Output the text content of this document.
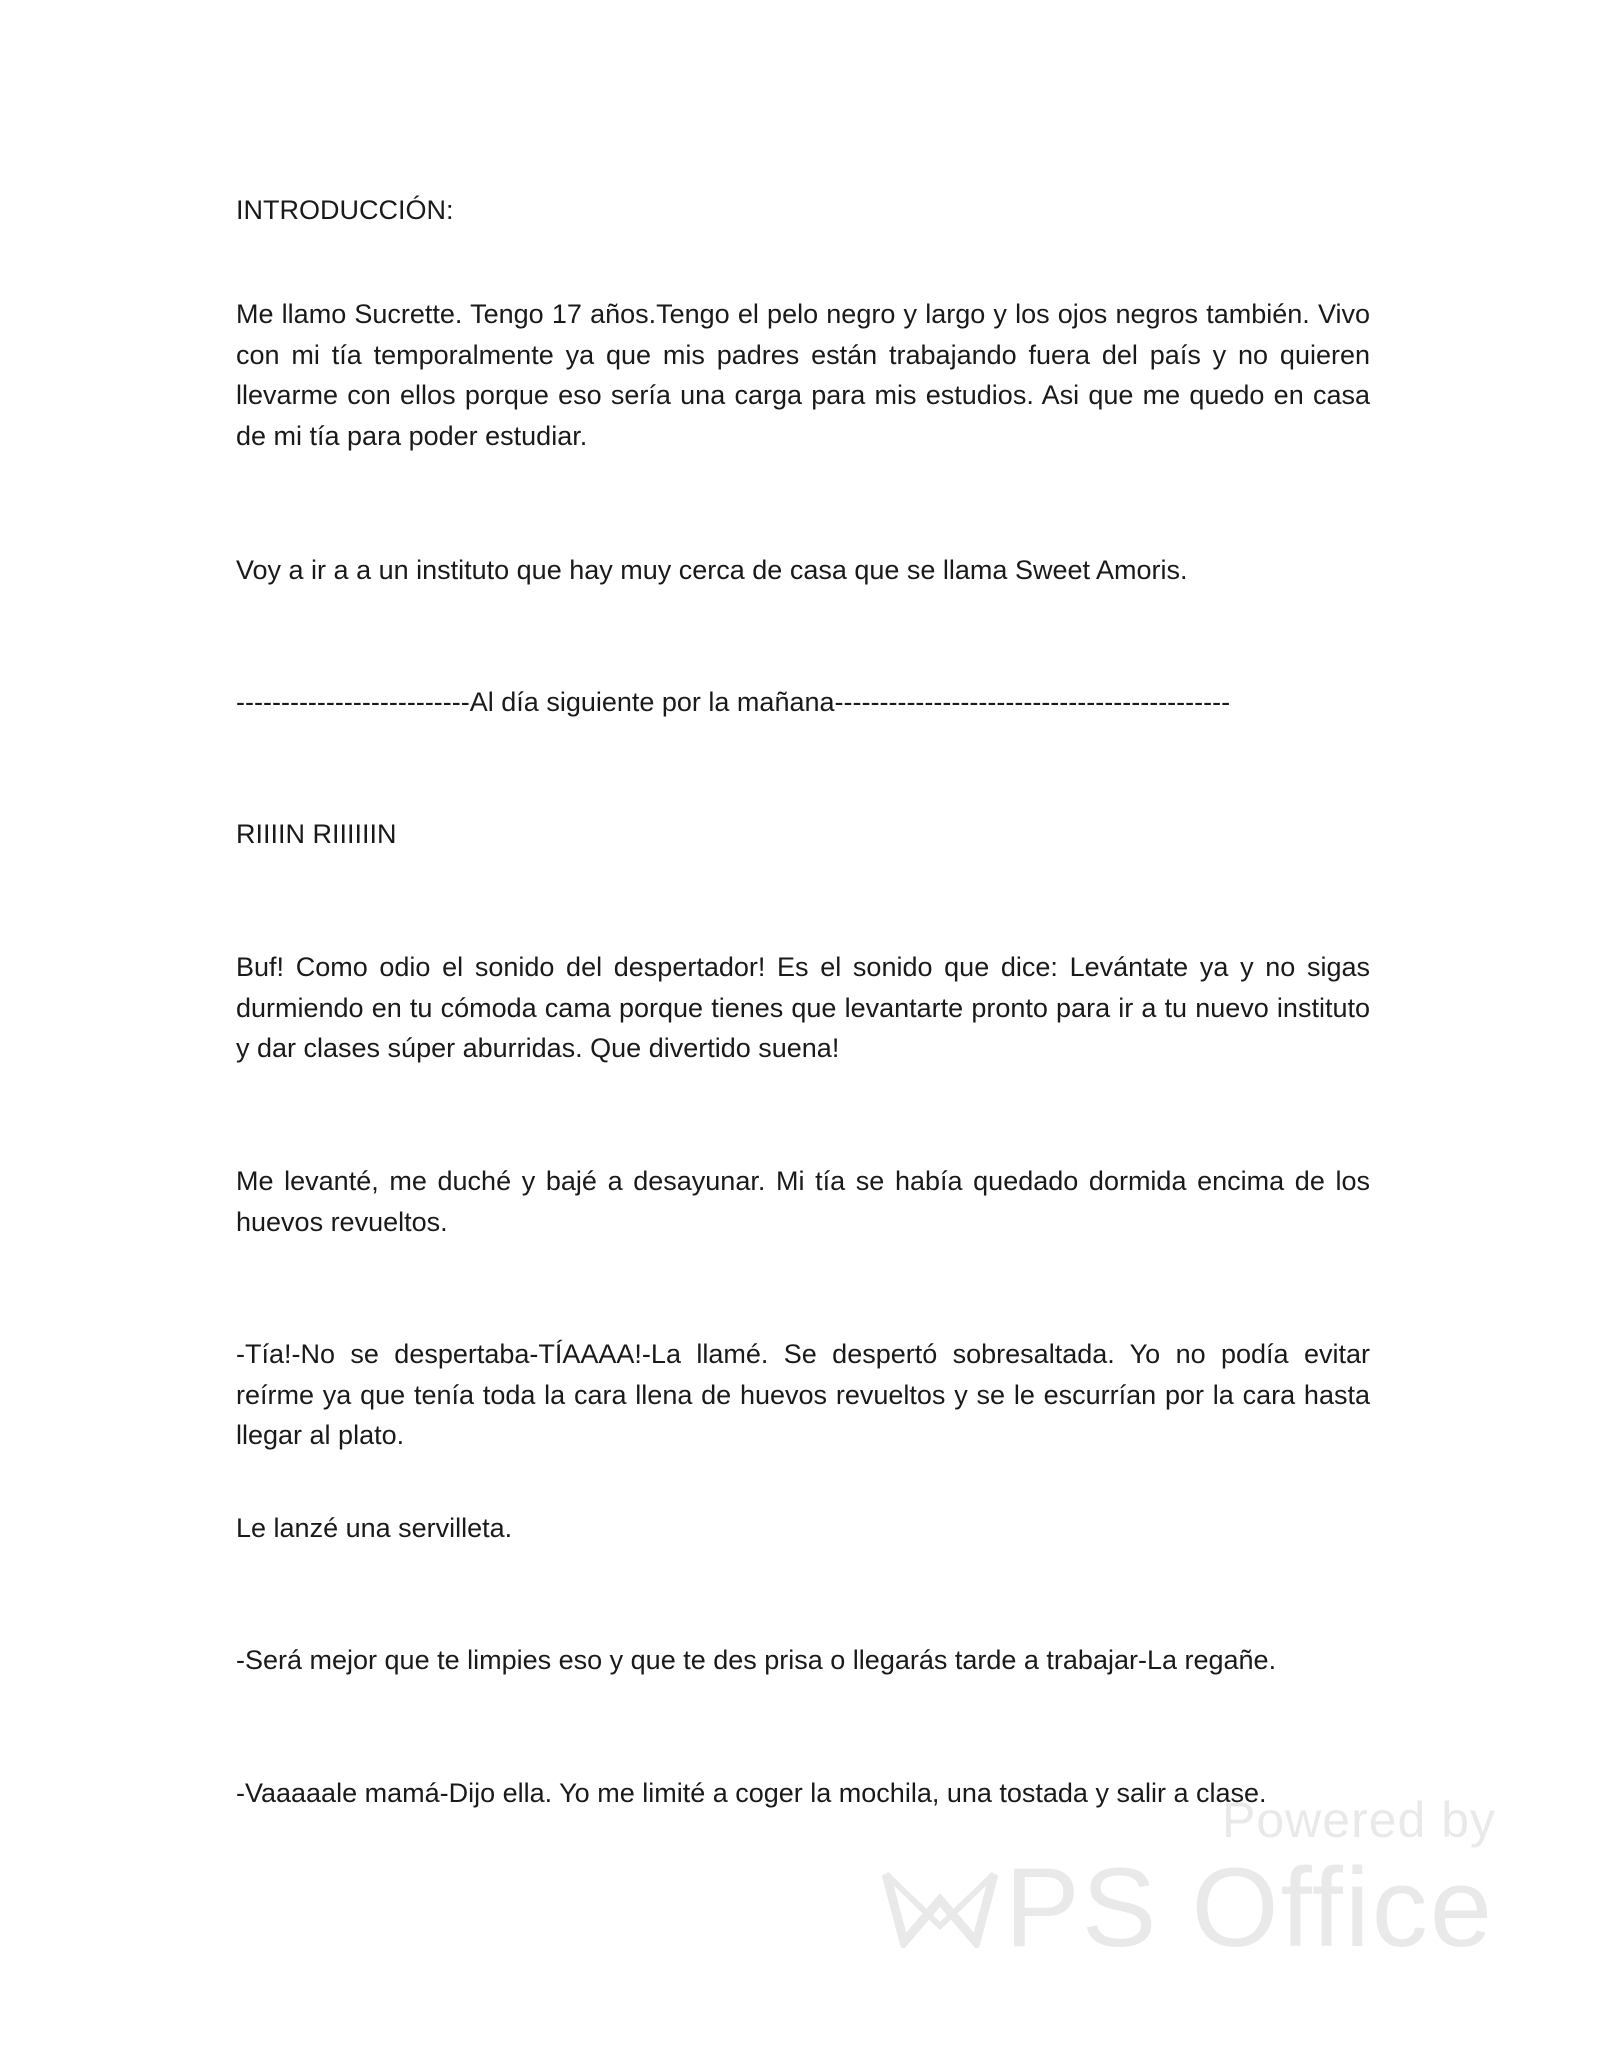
INTRODUCCIÓN:

Me llamo Sucrette. Tengo 17 años.Tengo el pelo negro y largo y los ojos negros también. Vivo con mi tía temporalmente ya que mis padres están trabajando fuera del país y no quieren llevarme con ellos porque eso sería una carga para mis estudios. Asi que me quedo en casa de mi tía para poder estudiar.

Voy a ir a a un instituto que hay muy cerca de casa que se llama Sweet Amoris.

--------------------------Al día siguiente por la mañana--------------------------------------------

RIIIIN RIIIIIIN

Buf! Como odio el sonido del despertador! Es el sonido que dice: Levántate ya y no sigas durmiendo en tu cómoda cama porque tienes que levantarte pronto para ir a tu nuevo instituto y dar clases súper aburridas. Que divertido suena!

Me levanté, me duché y bajé a desayunar. Mi tía se había quedado dormida encima de los huevos revueltos.

-Tía!-No se despertaba-TÍAAAA!-La llamé. Se despertó sobresaltada. Yo no podía evitar reírme ya que tenía toda la cara llena de huevos revueltos y se le escurrían por la cara hasta llegar al plato.

Le lanzé una servilleta.

-Será mejor que te limpies eso y que te des prisa o llegarás tarde a trabajar-La regañe.

-Vaaaaale mamá-Dijo ella. Yo me limité a coger la mochila, una tostada y salir a clase.

Powered by
PS Office
